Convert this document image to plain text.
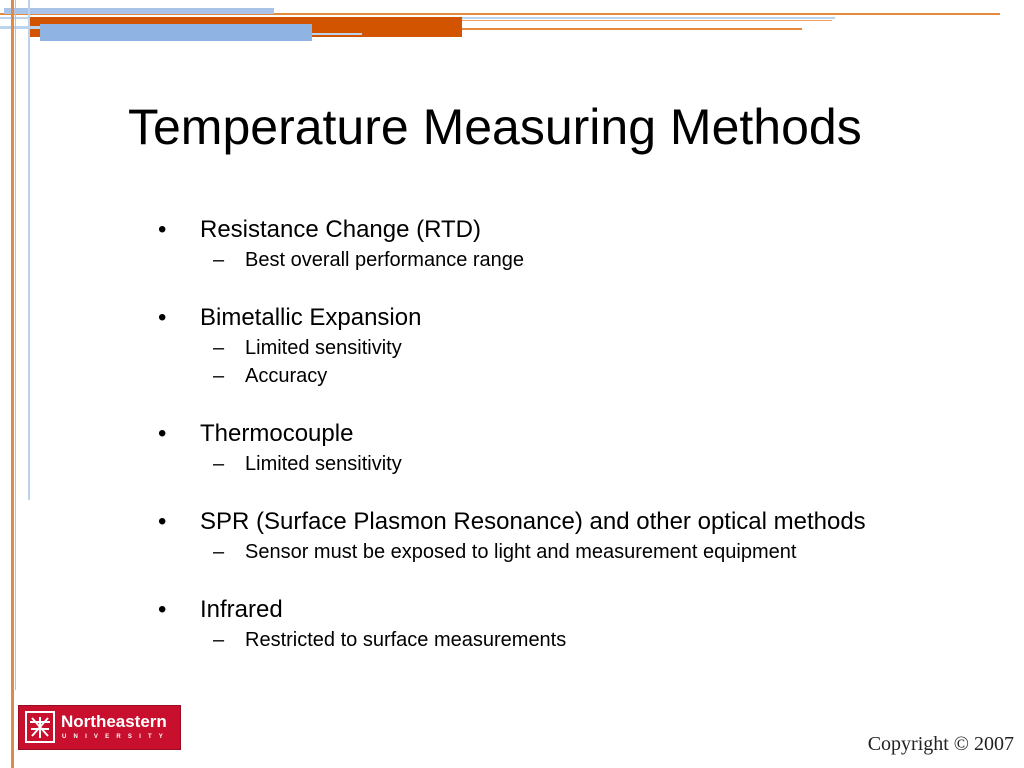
Temperature Measuring Methods
• Resistance Change (RTD)
– Best overall performance range
• Bimetallic Expansion
– Limited sensitivity
– Accuracy
• Thermocouple
– Limited sensitivity
• SPR (Surface Plasmon Resonance) and other optical methods
– Sensor must be exposed to light and measurement equipment
• Infrared
– Restricted to surface measurements
Northeastern
UNIVERSITY	Copyright © 2007
